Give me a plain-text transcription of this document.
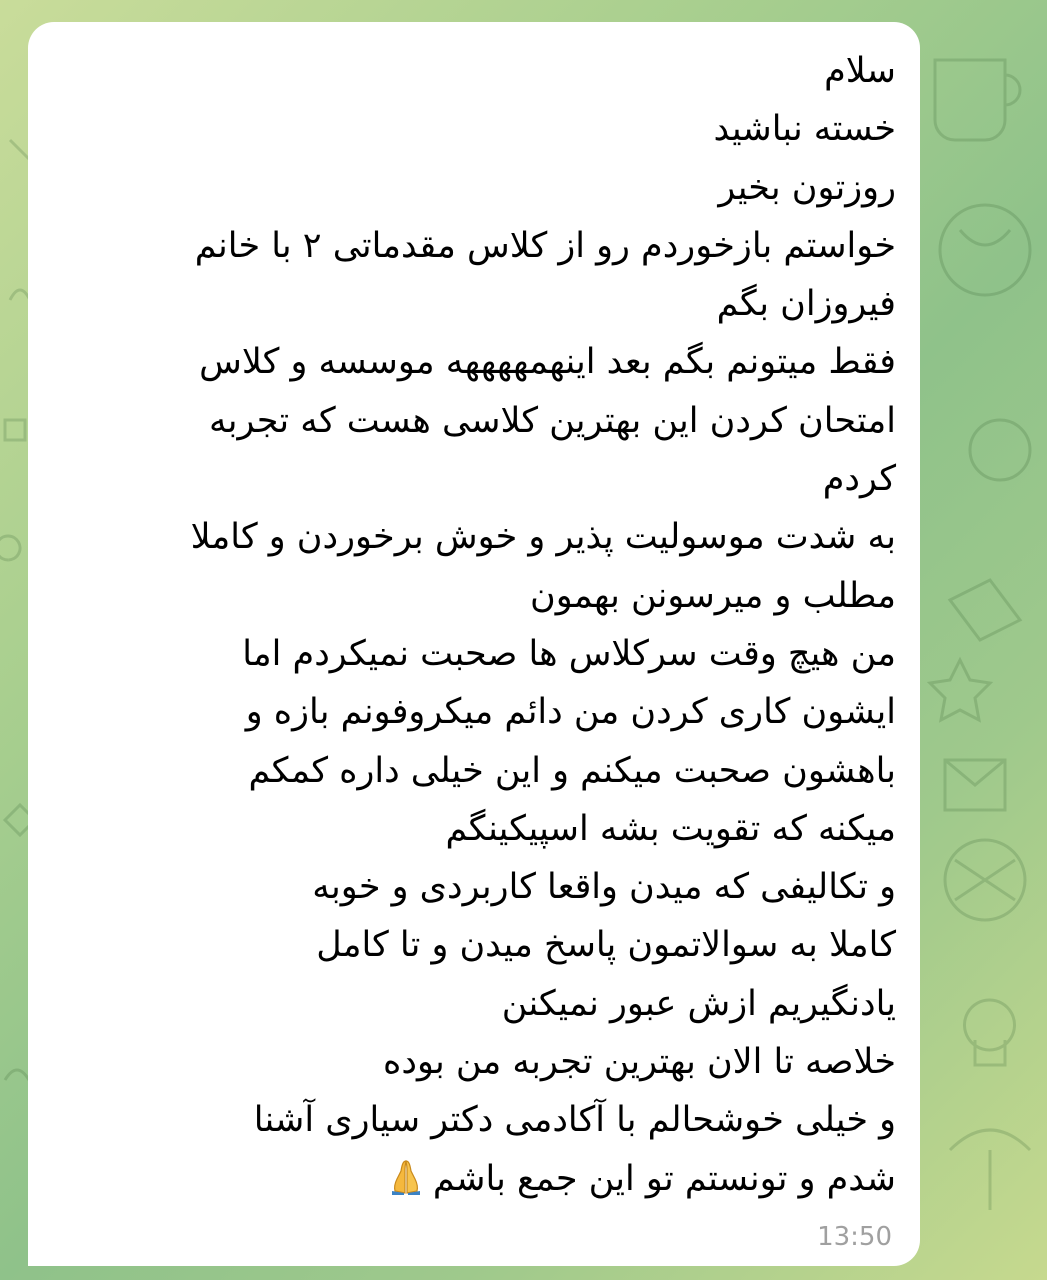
سلام
خسته نباشید
روزتون بخیر
خواستم بازخوردم رو از کلاس مقدماتی ۲ با خانم
فیروزان بگم
فقط میتونم بگم بعد اینهمههههه موسسه و کلاس
امتحان کردن این بهترین کلاسی هست که تجربه
کردم
به شدت موسولیت پذیر و خوش برخوردن و کاملا
مطلب و میرسونن بهمون
من هیچ وقت سرکلاس ها صحبت نمیکردم اما
ایشون کاری کردن من دائم میکروفونم بازه و
باهشون صحبت میکنم و این خیلی داره کمکم
میکنه که تقویت بشه اسپیکینگم
و تکالیفی که میدن واقعا کاربردی و خوبه
کاملا به سوالاتمون پاسخ میدن و تا کامل
یادنگیریم ازش عبور نمیکنن
خلاصه تا الان بهترین تجربه من بوده
و خیلی خوشحالم با آکادمی دکتر سیاری آشنا
شدم و تونستم تو این جمع باشم
13:50
